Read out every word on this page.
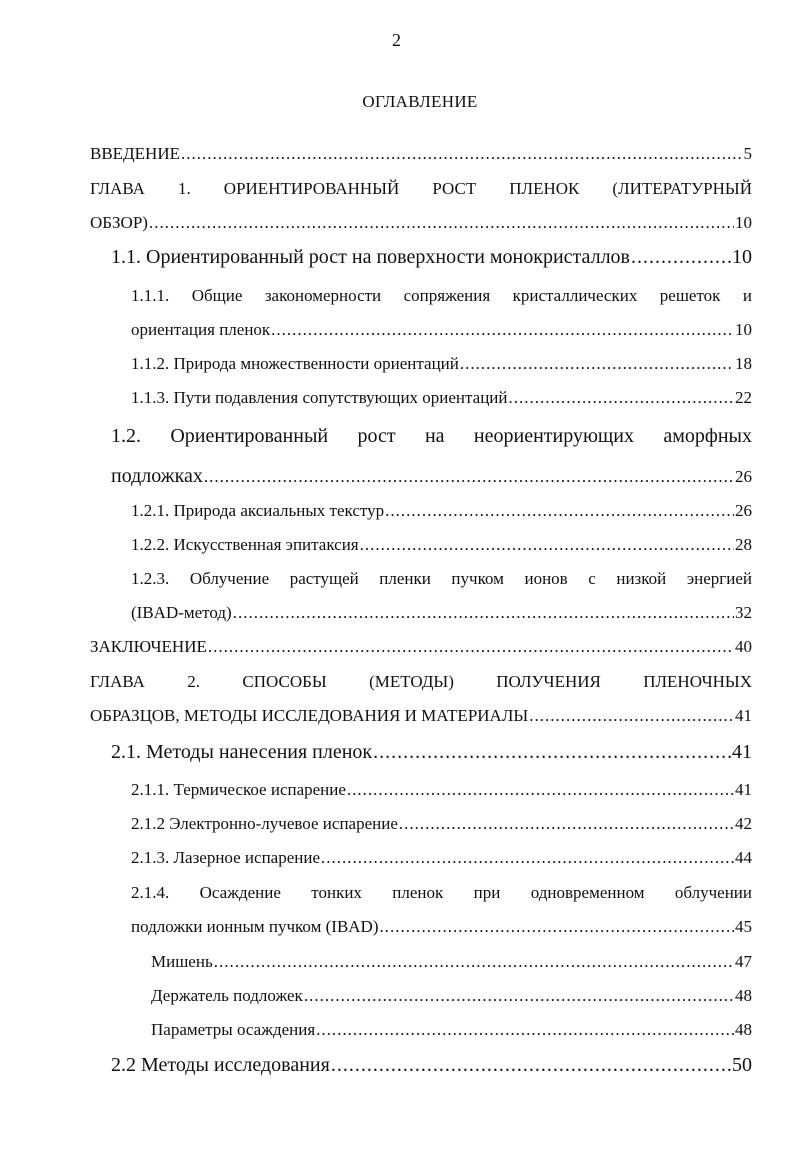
2
ОГЛАВЛЕНИЕ
ВВЕДЕНИЕ .....	5
ГЛАВА 1. ОРИЕНТИРОВАННЫЙ РОСТ ПЛЕНОК (ЛИТЕРАТУРНЫЙ
ОБЗОР) .....	10
1.1. Ориентированный рост на поверхности монокристаллов .....	10
1.1.1. Общие закономерности сопряжения кристаллических решеток и
ориентация пленок .....	10
1.1.2. Природа множественности ориентаций .....	18
1.1.3. Пути подавления сопутствующих ориентаций .....	22
1.2. Ориентированный рост на неориентирующих аморфных
подложках .....	26
1.2.1. Природа аксиальных текстур .....	26
1.2.2. Искусственная эпитаксия .....	28
1.2.3. Облучение растущей пленки пучком ионов с низкой энергией
(IBAD-метод) .....	32
ЗАКЛЮЧЕНИЕ .....	40
ГЛАВА 2. СПОСОБЫ (МЕТОДЫ) ПОЛУЧЕНИЯ ПЛЕНОЧНЫХ
ОБРАЗЦОВ, МЕТОДЫ ИССЛЕДОВАНИЯ И МАТЕРИАЛЫ .....	41
2.1. Методы нанесения пленок .....	41
2.1.1. Термическое испарение .....	41
2.1.2 Электронно-лучевое испарение .....	42
2.1.3. Лазерное испарение .....	44
2.1.4. Осаждение тонких пленок при одновременном облучении
подложки ионным пучком (IBAD) .....	45
Мишень .....	47
Держатель подложек .....	48
Параметры осаждения .....	48
2.2 Методы исследования .....	50
